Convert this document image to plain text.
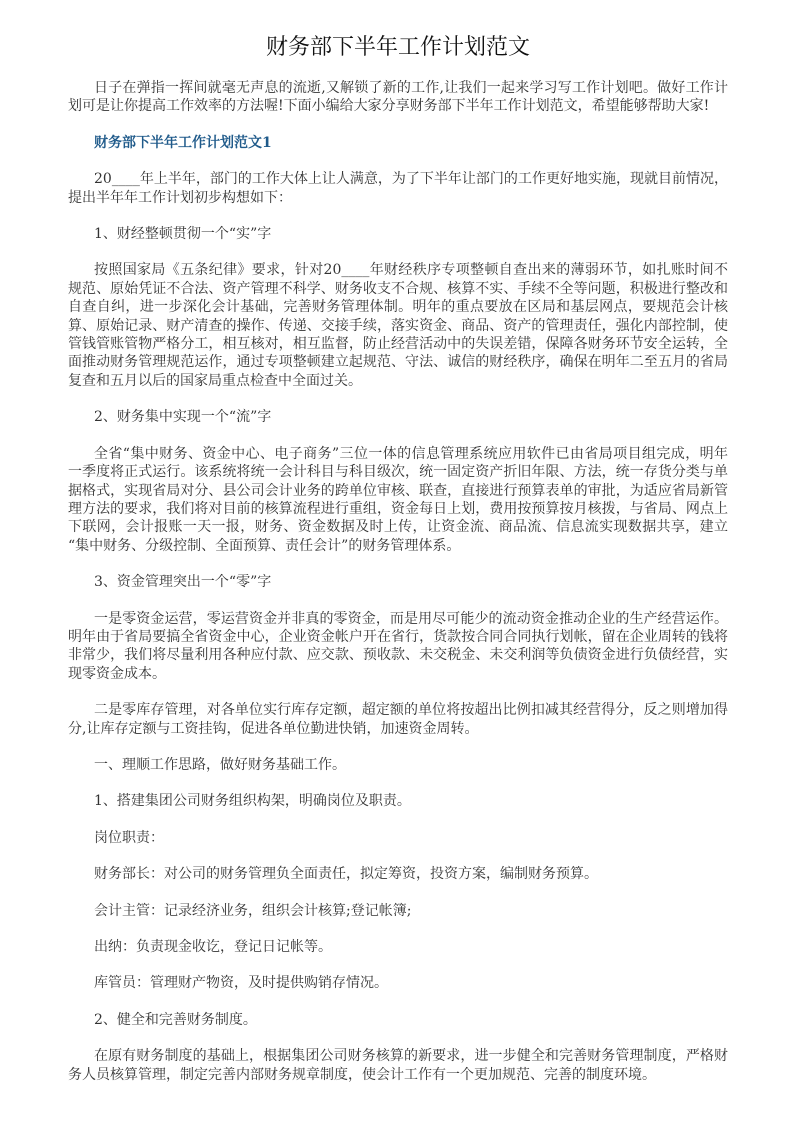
财务部下半年工作计划范文
日子在弹指一挥间就毫无声息的流逝,又解锁了新的工作,让我们一起来学习写工作计划吧。做好工作计
划可是让你提高工作效率的方法喔!下面小编给大家分享财务部下半年工作计划范文，希望能够帮助大家!
财务部下半年工作计划范文1
20____年上半年，部门的工作大体上让人满意，为了下半年让部门的工作更好地实施，现就目前情况，
提出半年年工作计划初步构想如下：
1、财经整顿贯彻一个“实”字
按照国家局《五条纪律》要求，针对20____年财经秩序专项整顿自查出来的薄弱环节，如扎账时间不
规范、原始凭证不合法、资产管理不科学、财务收支不合规、核算不实、手续不全等问题，积极进行整改和
自查自纠，进一步深化会计基础，完善财务管理体制。明年的重点要放在区局和基层网点，要规范会计核
算、原始记录、财产清查的操作、传递、交接手续，落实资金、商品、资产的管理责任，强化内部控制，使
管钱管账管物严格分工，相互核对，相互监督，防止经营活动中的失误差错，保障各财务环节安全运转，全
面推动财务管理规范运作，通过专项整顿建立起规范、守法、诚信的财经秩序，确保在明年二至五月的省局
复查和五月以后的国家局重点检查中全面过关。
2、财务集中实现一个“流”字
全省“集中财务、资金中心、电子商务”三位一体的信息管理系统应用软件已由省局项目组完成，明年
一季度将正式运行。该系统将统一会计科目与科目级次，统一固定资产折旧年限、方法，统一存货分类与单
据格式，实现省局对分、县公司会计业务的跨单位审核、联查，直接进行预算表单的审批，为适应省局新管
理方法的要求，我们将对目前的核算流程进行重组，资金每日上划，费用按预算按月核拨，与省局、网点上
下联网，会计报账一天一报，财务、资金数据及时上传，让资金流、商品流、信息流实现数据共享，建立
“集中财务、分级控制、全面预算、责任会计”的财务管理体系。
3、资金管理突出一个“零”字
一是零资金运营，零运营资金并非真的零资金，而是用尽可能少的流动资金推动企业的生产经营运作。
明年由于省局要搞全省资金中心，企业资金帐户开在省行，货款按合同合同执行划帐，留在企业周转的钱将
非常少，我们将尽量利用各种应付款、应交款、预收款、未交税金、未交利润等负债资金进行负债经营，实
现零资金成本。
二是零库存管理，对各单位实行库存定额，超定额的单位将按超出比例扣减其经营得分，反之则增加得
分,让库存定额与工资挂钩，促进各单位勤进快销，加速资金周转。
一、理顺工作思路，做好财务基础工作。
1、搭建集团公司财务组织构架，明确岗位及职责。
岗位职责：
财务部长：对公司的财务管理负全面责任，拟定筹资，投资方案，编制财务预算。
会计主管：记录经济业务，组织会计核算;登记帐簿;
出纳：负责现金收讫，登记日记帐等。
库管员：管理财产物资，及时提供购销存情况。
2、健全和完善财务制度。
在原有财务制度的基础上，根据集团公司财务核算的新要求，进一步健全和完善财务管理制度，严格财
务人员核算管理，制定完善内部财务规章制度，使会计工作有一个更加规范、完善的制度环境。
